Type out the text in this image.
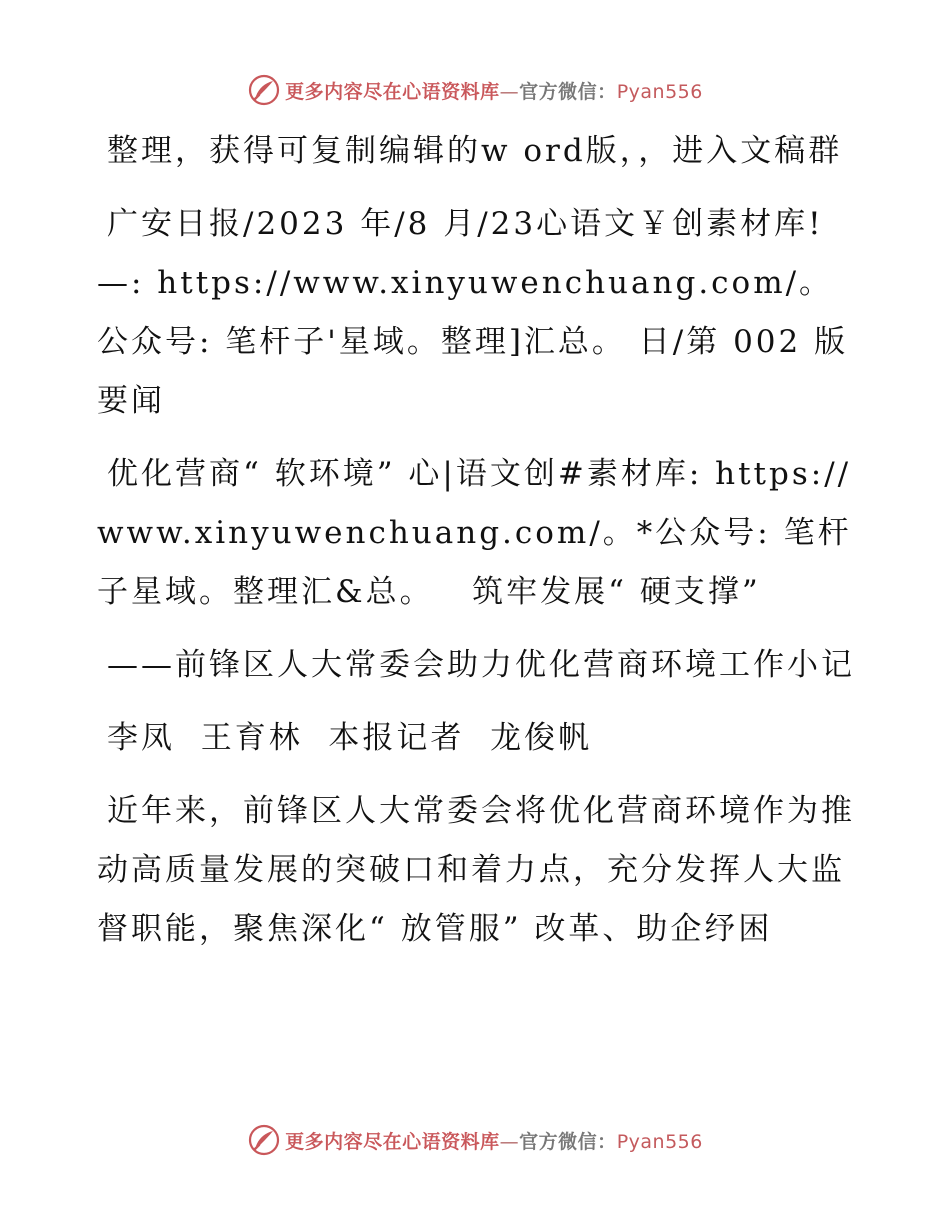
更多内容尽在心语资料库—官方微信：Pyan556

整理，获得可复制编辑的w ord版，，进入文稿群

广安日报/2023 年/8 月/23心语文￥创素材库!—: https://www.xinyuwenchuang.com/。公众号: 笔杆子'星域。整理]汇总。 日/第 002 版要闻

优化营商“ 软环境” 心|语文创#素材库: https://www.xinyuwenchuang.com/。*公众号: 笔杆子星域。整理汇&总。   筑牢发展“ 硬支撑”

——前锋区人大常委会助力优化营商环境工作小记

李凤  王育林  本报记者  龙俊帆

近年来，前锋区人大常委会将优化营商环境作为推动高质量发展的突破口和着力点，充分发挥人大监督职能，聚焦深化“ 放管服” 改革、助企纾困

更多内容尽在心语资料库—官方微信：Pyan556
